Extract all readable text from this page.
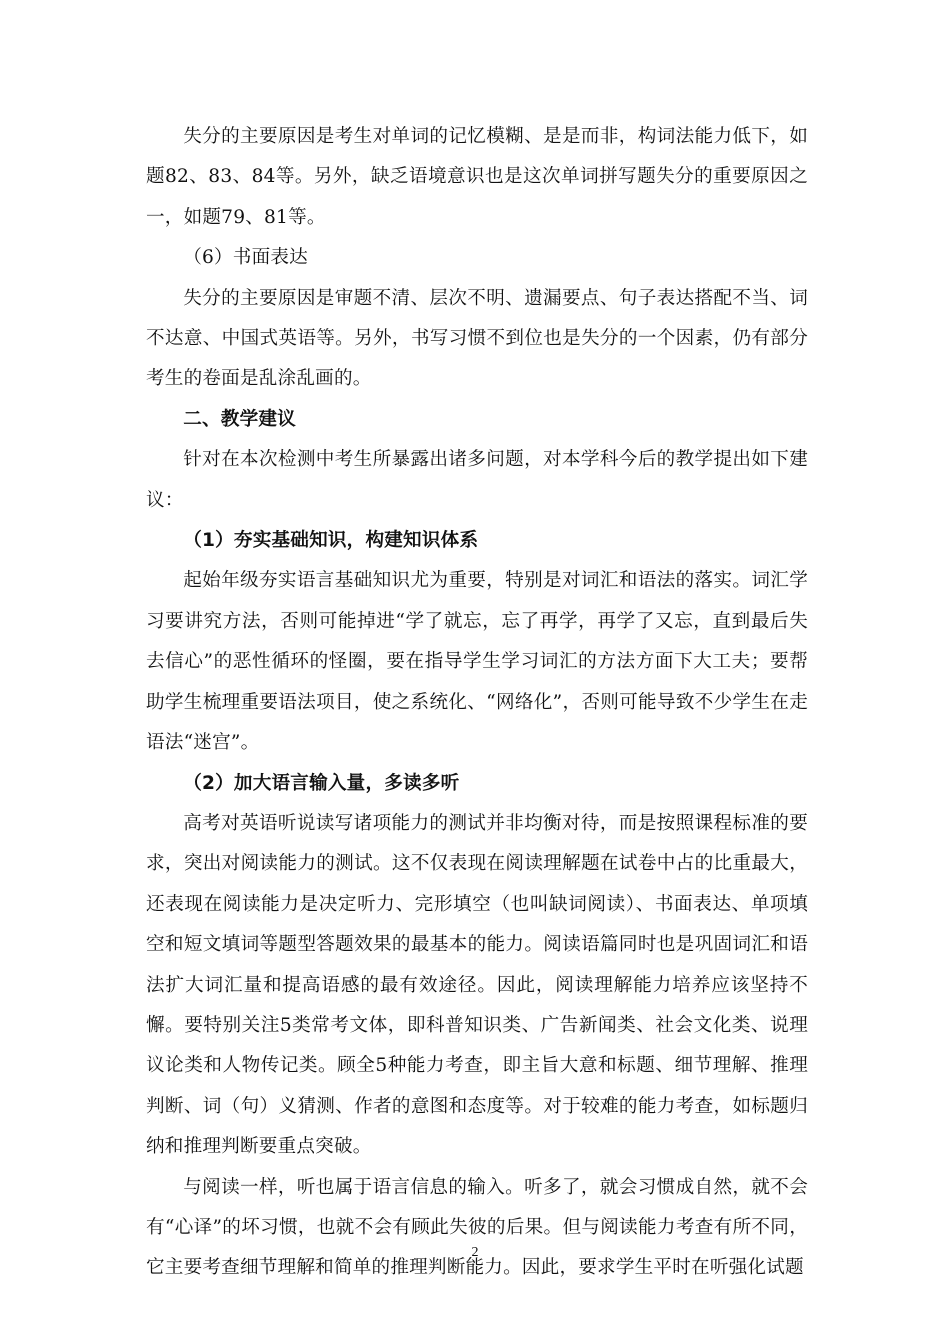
失分的主要原因是考生对单词的记忆模糊、是是而非，构词法能力低下，如题82、83、84等。另外，缺乏语境意识也是这次单词拼写题失分的重要原因之一，如题79、81等。

（6）书面表达

失分的主要原因是审题不清、层次不明、遗漏要点、句子表达搭配不当、词不达意、中国式英语等。另外，书写习惯不到位也是失分的一个因素，仍有部分考生的卷面是乱涂乱画的。

二、教学建议

针对在本次检测中考生所暴露出诸多问题，对本学科今后的教学提出如下建议：

（1）夯实基础知识，构建知识体系

起始年级夯实语言基础知识尤为重要，特别是对词汇和语法的落实。词汇学习要讲究方法，否则可能掉进“学了就忘，忘了再学，再学了又忘，直到最后失去信心”的恶性循环的怪圈，要在指导学生学习词汇的方法方面下大工夫；要帮助学生梳理重要语法项目，使之系统化、“网络化”，否则可能导致不少学生在走语法“迷宫”。

（2）加大语言输入量，多读多听

高考对英语听说读写诸项能力的测试并非均衡对待，而是按照课程标准的要求，突出对阅读能力的测试。这不仅表现在阅读理解题在试卷中占的比重最大，还表现在阅读能力是决定听力、完形填空（也叫缺词阅读）、书面表达、单项填空和短文填词等题型答题效果的最基本的能力。阅读语篇同时也是巩固词汇和语法扩大词汇量和提高语感的最有效途径。因此，阅读理解能力培养应该坚持不懈。要特别关注5类常考文体，即科普知识类、广告新闻类、社会文化类、说理议论类和人物传记类。顾全5种能力考查，即主旨大意和标题、细节理解、推理判断、词（句）义猜测、作者的意图和态度等。对于较难的能力考查，如标题归纳和推理判断要重点突破。

与阅读一样，听也属于语言信息的输入。听多了，就会习惯成自然，就不会有“心译”的坏习惯，也就不会有顾此失彼的后果。但与阅读能力考查有所不同，它主要考查细节理解和简单的推理判断能力。因此，要求学生平时在听强化试题

2
